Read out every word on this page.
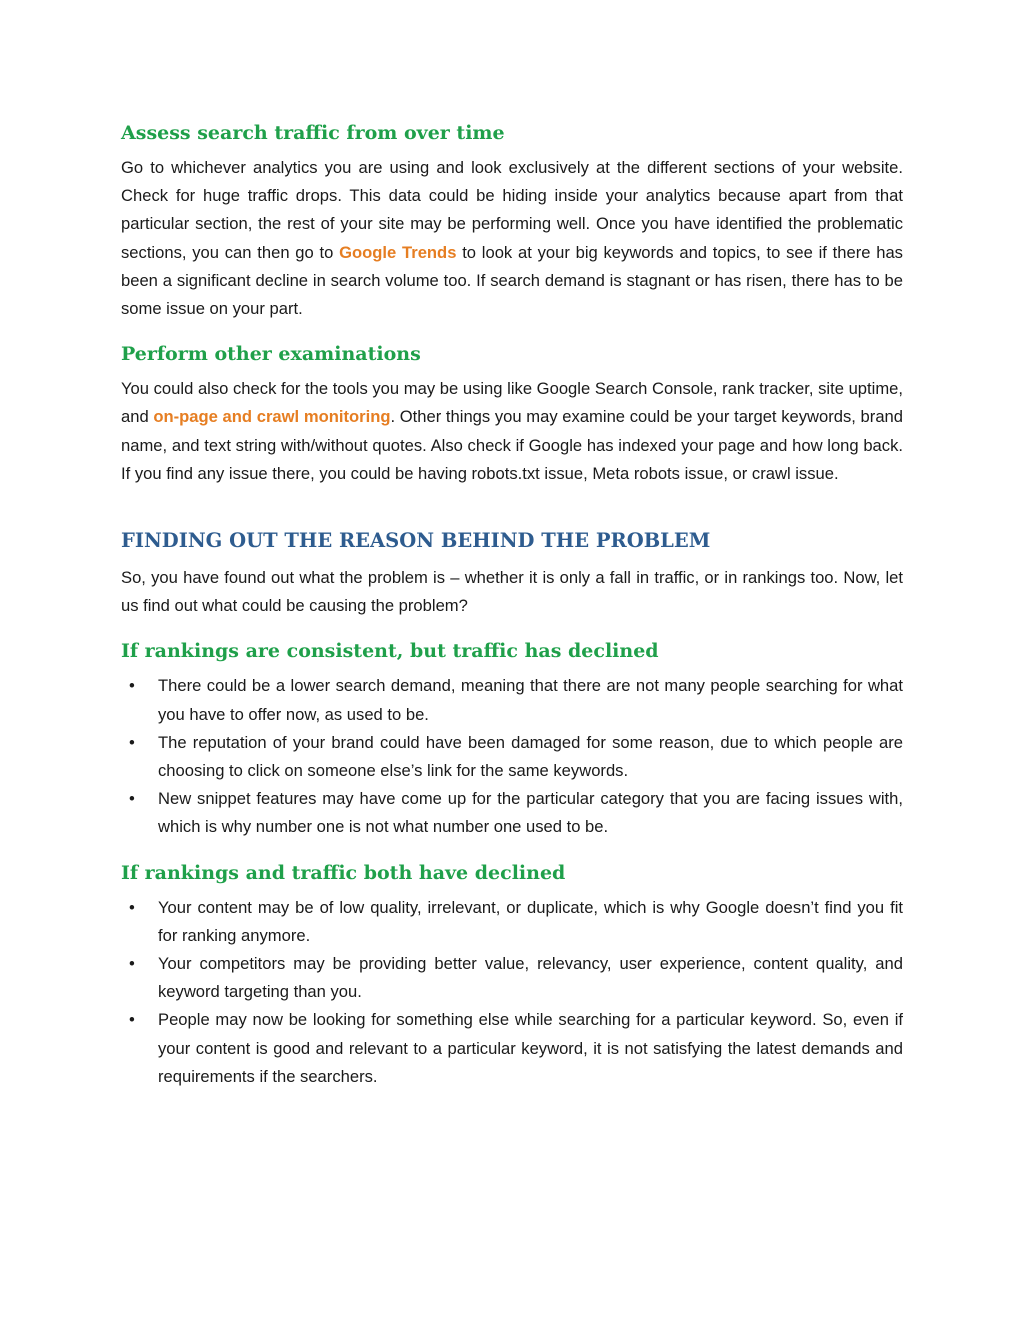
Assess search traffic from over time

Go to whichever analytics you are using and look exclusively at the different sections of your website. Check for huge traffic drops. This data could be hiding inside your analytics because apart from that particular section, the rest of your site may be performing well. Once you have identified the problematic sections, you can then go to Google Trends to look at your big keywords and topics, to see if there has been a significant decline in search volume too. If search demand is stagnant or has risen, there has to be some issue on your part.

Perform other examinations

You could also check for the tools you may be using like Google Search Console, rank tracker, site uptime, and on-page and crawl monitoring. Other things you may examine could be your target keywords, brand name, and text string with/without quotes. Also check if Google has indexed your page and how long back. If you find any issue there, you could be having robots.txt issue, Meta robots issue, or crawl issue.

FINDING OUT THE REASON BEHIND THE PROBLEM

So, you have found out what the problem is – whether it is only a fall in traffic, or in rankings too. Now, let us find out what could be causing the problem?

If rankings are consistent, but traffic has declined
• There could be a lower search demand, meaning that there are not many people searching for what you have to offer now, as used to be.
• The reputation of your brand could have been damaged for some reason, due to which people are choosing to click on someone else’s link for the same keywords.
• New snippet features may have come up for the particular category that you are facing issues with, which is why number one is not what number one used to be.
If rankings and traffic both have declined
• Your content may be of low quality, irrelevant, or duplicate, which is why Google doesn’t find you fit for ranking anymore.
• Your competitors may be providing better value, relevancy, user experience, content quality, and keyword targeting than you.
• People may now be looking for something else while searching for a particular keyword. So, even if your content is good and relevant to a particular keyword, it is not satisfying the latest demands and requirements if the searchers.
